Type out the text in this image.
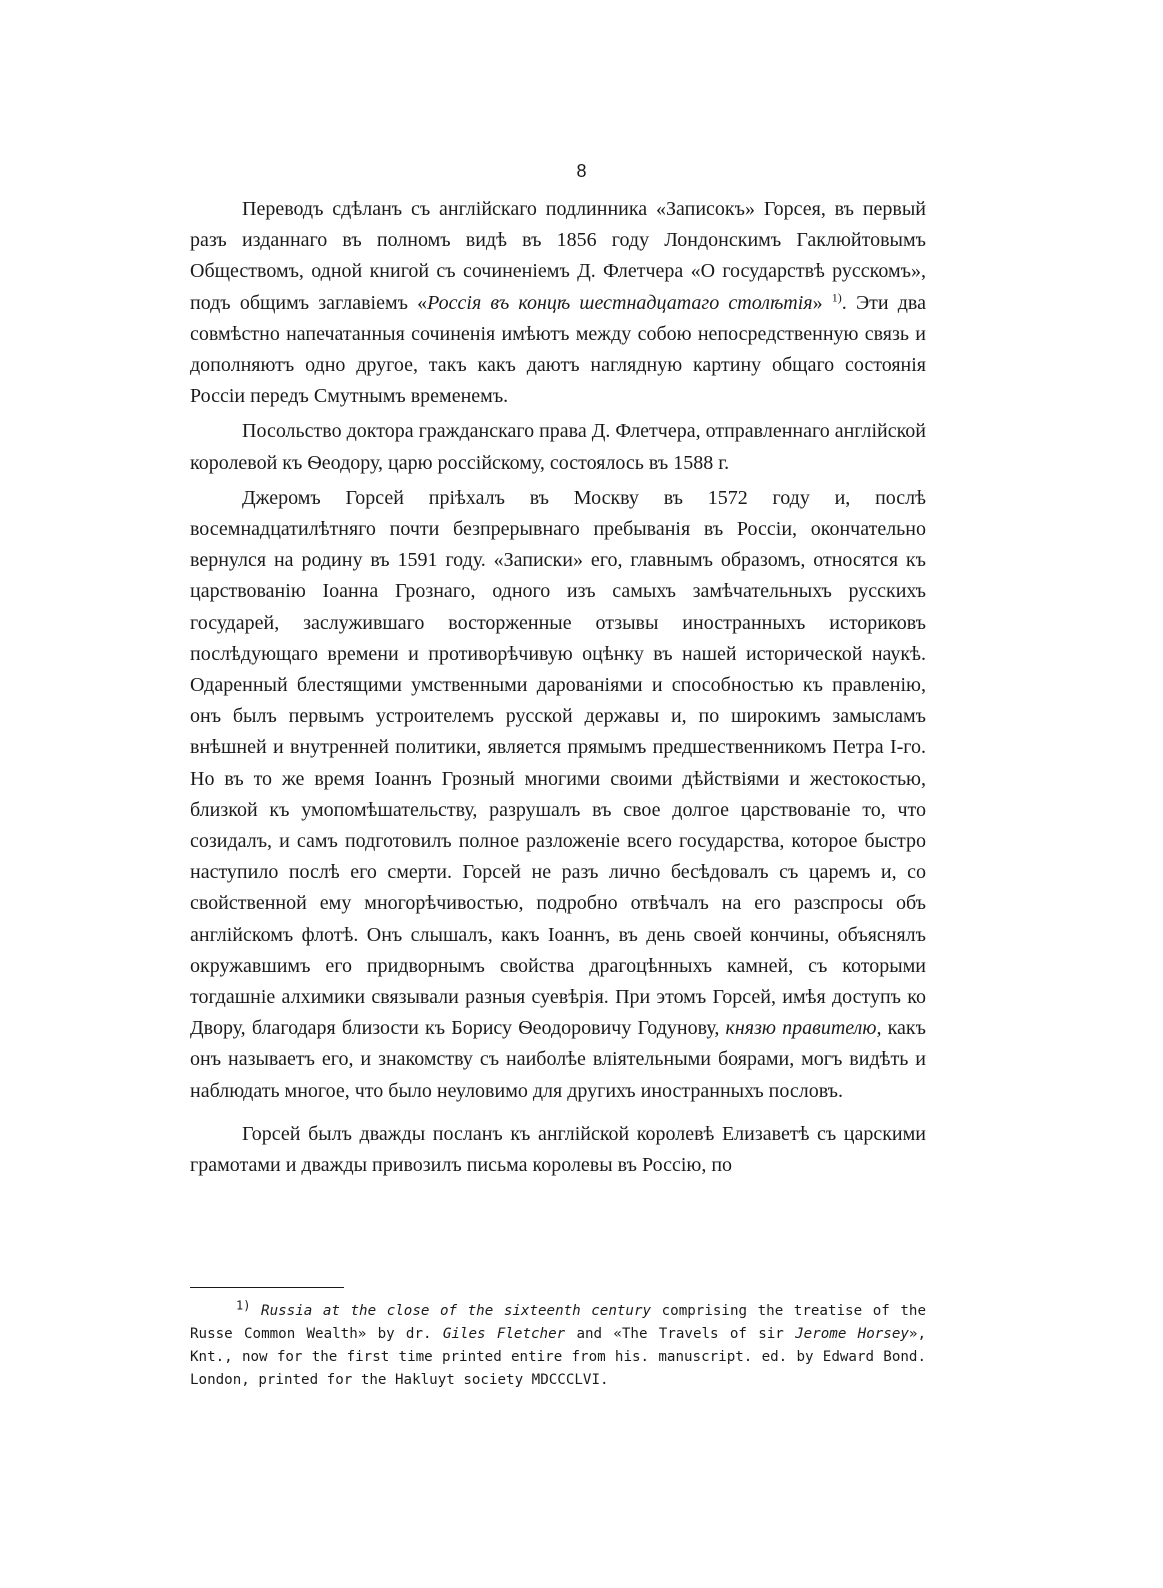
8

Переводъ сдѣланъ съ англійскаго подлинника «Записокъ» Горсея, въ первый разъ изданнаго въ полномъ видѣ въ 1856 году Лондонскимъ Гаклюйтовымъ Обществомъ, одной книгой съ сочиненіемъ Д. Флетчера «О государствѣ русскомъ», подъ общимъ заглавіемъ «Россія въ концѣ шестнадцатаго столѣтія» $^{1)}$. Эти два совмѣстно напечатанныя сочиненія имѣютъ между собою непосредственную связь и дополняютъ одно другое, такъ какъ даютъ наглядную картину общаго состоянія Россіи передъ Смутнымъ временемъ.

Посольство доктора гражданскаго права Д. Флетчера, отправленнаго англійской королевой къ Ѳеодору, царю россійскому, состоялось въ 1588 г.

Джеромъ Горсей пріѣхалъ въ Москву въ 1572 году и, послѣ восемнадцатилѣтняго почти безпрерывнаго пребыванія въ Россіи, окончательно вернулся на родину въ 1591 году. «Записки» его, главнымъ образомъ, относятся къ царствованію Іоанна Грознаго, одного изъ самыхъ замѣчательныхъ русскихъ государей, заслужившаго восторженные отзывы иностранныхъ историковъ послѣдующаго времени и противорѣчивую оцѣнку въ нашей исторической наукѣ. Одаренный блестящими умственными дарованіями и способностью къ правленію, онъ былъ первымъ устроителемъ русской державы и, по широкимъ замысламъ внѣшней и внутренней политики, является прямымъ предшественникомъ Петра I-го. Но въ то же время Іоаннъ Грозный многими своими дѣйствіями и жестокостью, близкой къ умопомѣшательству, разрушалъ въ свое долгое царствованіе то, что созидалъ, и самъ подготовилъ полное разложеніе всего государства, которое быстро наступило послѣ его смерти. Горсей не разъ лично бесѣдовалъ съ царемъ и, со свойственной ему многорѣчивостью, подробно отвѣчалъ на его разспросы объ англійскомъ флотѣ. Онъ слышалъ, какъ Іоаннъ, въ день своей кончины, объяснялъ окружавшимъ его придворнымъ свойства драгоцѣнныхъ камней, съ которыми тогдашніе алхимики связывали разныя суевѣрія. При этомъ Горсей, имѣя доступъ ко Двору, благодаря близости къ Борису Ѳеодоровичу Годунову, князю правителю, какъ онъ называетъ его, и знакомству съ наиболѣе вліятельными боярами, могъ видѣть и наблюдать многое, что было неуловимо для другихъ иностранныхъ пословъ.

Горсей былъ дважды посланъ къ англійской королевѣ Елизаветѣ съ царскими грамотами и дважды привозилъ письма королевы въ Россію, по

$^{1)}$ Russia at the close of the sixteenth century comprising the treatise of the Russe Common Wealth» by dr. Giles Fletcher and «The Travels of sir Jerome Horsey», Knt., now for the first time printed entire from his. manuscript. ed. by Edward Bond. London, printed for the Hakluyt society MDCCCLVI.
